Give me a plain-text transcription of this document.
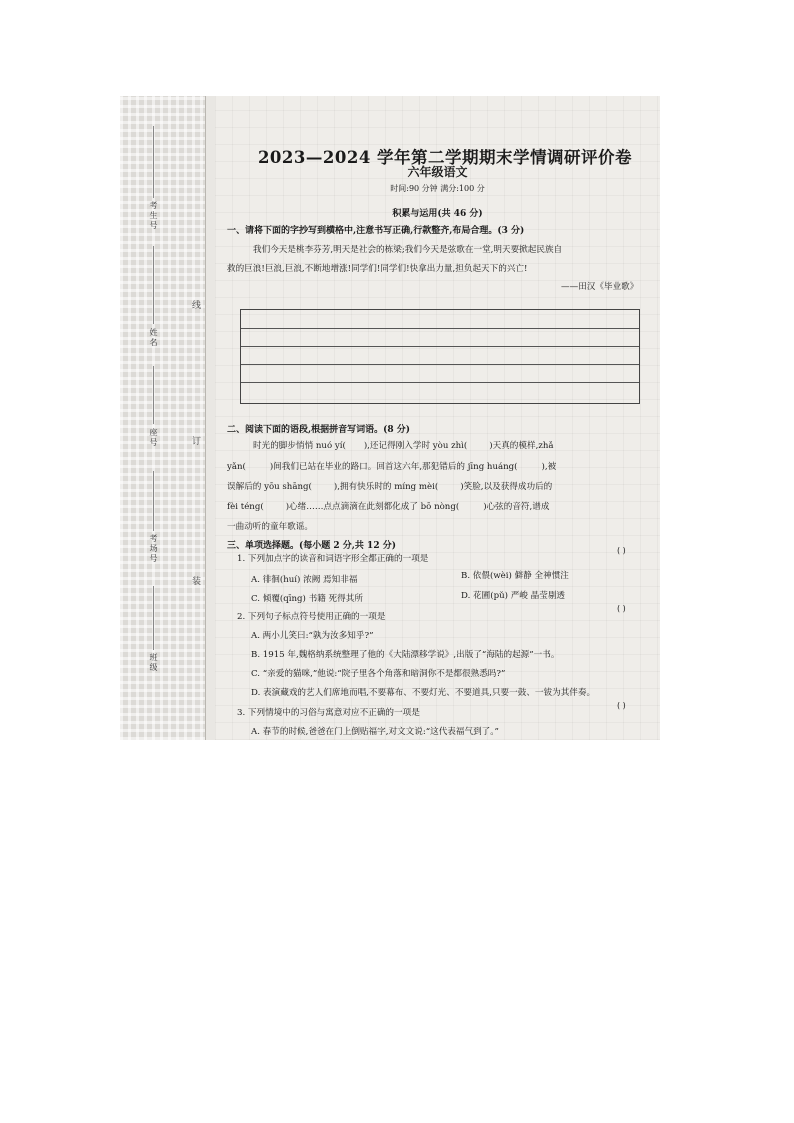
考生号
姓名
座号
考场号
班级
线
订
装
2023—2024 学年第二学期期末学情调研评价卷
六年级语文
时间:90 分钟 满分:100 分
积累与运用(共 46 分)
一、请将下面的字抄写到横格中,注意书写正确,行款整齐,布局合理。(3 分)
我们今天是桃李芬芳,明天是社会的栋梁;我们今天是弦歌在一堂,明天要掀起民族自
救的巨浪!巨浪,巨浪,不断地增涨!同学们!同学们!快拿出力量,担负起天下的兴亡!
——田汉《毕业歌》
二、阅读下面的语段,根据拼音写词语。(8 分)
时光的脚步悄悄 nuó yí( ),还记得刚入学时 yòu zhì(	)天真的模样,zhǎ
yǎn(	)间我们已站在毕业的路口。回首这六年,那犯错后的 jīng huáng(	),被
误解后的 yōu shāng(	),拥有快乐时的 míng mèi(	)笑脸,以及获得成功后的
fèi téng(	)心绪……点点滴滴在此刻都化成了 bō nòng(	)心弦的音符,谱成
一曲动听的童年歌谣。
三、单项选择题。(每小题 2 分,共 12 分)
1. 下列加点字的读音和词语字形全都正确的一项是
( )
A. 徘徊(huí) 浓阙 焉知非福	B. 依偎(wèi) 僻静 全神惯注
C. 倾覆(qīng) 书籍 死得其所	D. 花圃(pǔ) 严峻 晶莹剔透
2. 下列句子标点符号使用正确的一项是
( )
A. 两小儿笑曰:“孰为汝多知乎?”
B. 1915 年,魏格纳系统整理了他的《大陆漂移学说》,出版了“海陆的起源”一书。
C. “亲爱的猫咪,”他说:“院子里各个角落和暗洞你不是都很熟悉吗?”
D. 表演藏戏的艺人们席地而唱,不要幕布、不要灯光、不要道具,只要一鼓、一钹为其伴奏。
3. 下列情境中的习俗与寓意对应不正确的一项是
( )
A. 春节的时候,爸爸在门上倒贴福字,对文文说:“这代表福气到了。”
